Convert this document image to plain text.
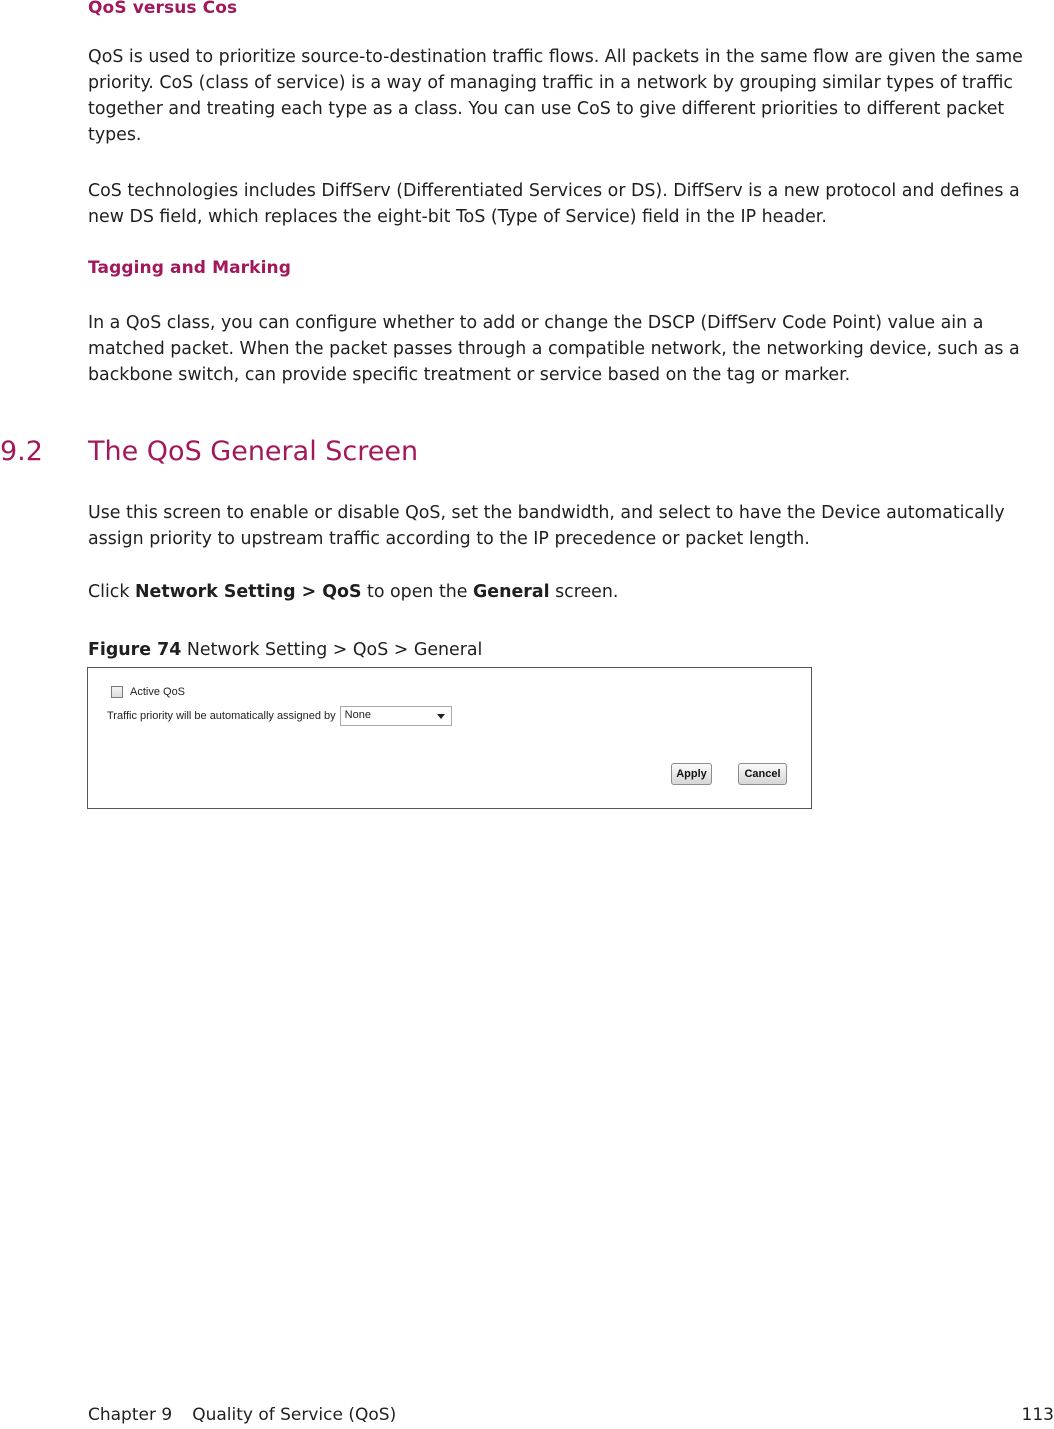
QoS versus Cos

QoS is used to prioritize source-to-destination traffic flows. All packets in the same flow are given the same priority. CoS (class of service) is a way of managing traffic in a network by grouping similar types of traffic together and treating each type as a class. You can use CoS to give different priorities to different packet types.

CoS technologies includes DiffServ (Differentiated Services or DS). DiffServ is a new protocol and defines a new DS field, which replaces the eight-bit ToS (Type of Service) field in the IP header.

Tagging and Marking

In a QoS class, you can configure whether to add or change the DSCP (DiffServ Code Point) value ain a matched packet. When the packet passes through a compatible network, the networking device, such as a backbone switch, can provide specific treatment or service based on the tag or marker.

9.2 The QoS General Screen

Use this screen to enable or disable QoS, set the bandwidth, and select to have the Device automatically assign priority to upstream traffic according to the IP precedence or packet length.

Click Network Setting > QoS to open the General screen.

Figure 74 Network Setting > QoS > General
Active QoS
Traffic priority will be automatically assigned by None
Apply	Cancel
Chapter 9 Quality of Service (QoS)	113
